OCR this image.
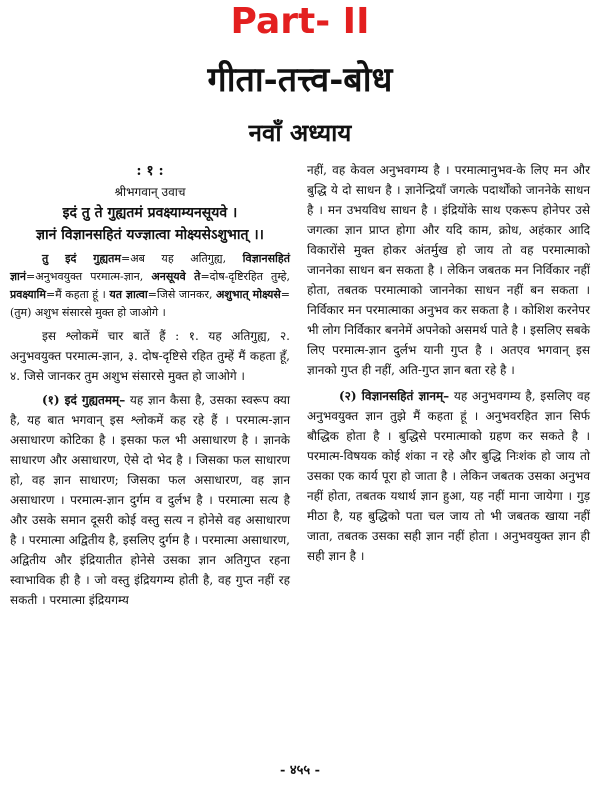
Part- II
गीता-तत्त्व-बोध
नवाँ अध्याय

: १ :

श्रीभगवान् उवाच

इदं तु ते गुह्यतमं प्रवक्ष्याम्यनसूयवे ।

ज्ञानं विज्ञानसहितं यज्ज्ञात्वा मोक्ष्यसेऽशुभात् ।।

तु इदं गुह्यतम=अब यह अतिगुह्य, विज्ञानसहितं ज्ञानं=अनुभवयुक्त परमात्म-ज्ञान, अनसूयवे ते=दोष-दृष्टिरहित तुम्हे, प्रवक्ष्यामि=मैं कहता हूं । यत ज्ञात्वा=जिसे जानकर, अशुभात् मोक्ष्यसे=(तुम) अशुभ संसारसे मुक्त हो जाओगे ।

इस श्लोकमें चार बातें हैं : १. यह अतिगुह्य, २. अनुभवयुक्त परमात्म-ज्ञान, ३. दोष-दृष्टिसे रहित तुम्हें मैं कहता हूँ, ४. जिसे जानकर तुम अशुभ संसारसे मुक्त हो जाओगे ।

(१) इदं गुह्यतमम्– यह ज्ञान कैसा है, उसका स्वरूप क्या है, यह बात भगवान् इस श्लोकमें कह रहे हैं । परमात्म-ज्ञान असाधारण कोटिका है । इसका फल भी असाधारण है । ज्ञानके साधारण और असाधारण, ऐसे दो भेद है । जिसका फल साधारण हो, वह ज्ञान साधारण; जिसका फल असाधारण, वह ज्ञान असाधारण । परमात्म-ज्ञान दुर्गम व दुर्लभ है । परमात्मा सत्य है और उसके समान दूसरी कोई वस्तु सत्य न होनेसे वह असाधारण है । परमात्मा अद्वितीय है, इसलिए दुर्गम है । परमात्मा असाधारण, अद्वितीय और इंद्रियातीत होनेसे उसका ज्ञान अतिगुप्त रहना स्वाभाविक ही है । जो वस्तु इंद्रियगम्य होती है, वह गुप्त नहीं रह सकती । परमात्मा इंद्रियगम्य

नहीं, वह केवल अनुभवगम्य है । परमात्मानुभव-के लिए मन और बुद्धि ये दो साधन है । ज्ञानेन्द्रियाँ जगत्के पदार्थोंको जाननेके साधन है । मन उभयविध साधन है । इंद्रियोंके साथ एकरूप होनेपर उसे जगत्का ज्ञान प्राप्त होगा और यदि काम, क्रोध, अहंकार आदि विकारोंसे मुक्त होकर अंतर्मुख हो जाय तो वह परमात्माको जाननेका साधन बन सकता है । लेकिन जबतक मन निर्विकार नहीं होता, तबतक परमात्माको जाननेका साधन नहीं बन सकता । निर्विकार मन परमात्माका अनुभव कर सकता है । कोशिश करनेपर भी लोग निर्विकार बननेमें अपनेको असमर्थ पाते है । इसलिए सबके लिए परमात्म-ज्ञान दुर्लभ यानी गुप्त है । अतएव भगवान् इस ज्ञानको गुप्त ही नहीं, अति-गुप्त ज्ञान बता रहे है ।

(२) विज्ञानसहितं ज्ञानम्– यह अनुभवगम्य है, इसलिए वह अनुभवयुक्त ज्ञान तुझे मैं कहता हूं । अनुभवरहित ज्ञान सिर्फ बौद्धिक होता है । बुद्धिसे परमात्माको ग्रहण कर सकते है । परमात्म-विषयक कोई शंका न रहे और बुद्धि निःशंक हो जाय तो उसका एक कार्य पूरा हो जाता है । लेकिन जबतक उसका अनुभव नहीं होता, तबतक यथार्थ ज्ञान हुआ, यह नहीं माना जायेगा । गुड़ मीठा है, यह बुद्धिको पता चल जाय तो भी जबतक खाया नहीं जाता, तबतक उसका सही ज्ञान नहीं होता । अनुभवयुक्त ज्ञान ही सही ज्ञान है ।

- ४५५ -
